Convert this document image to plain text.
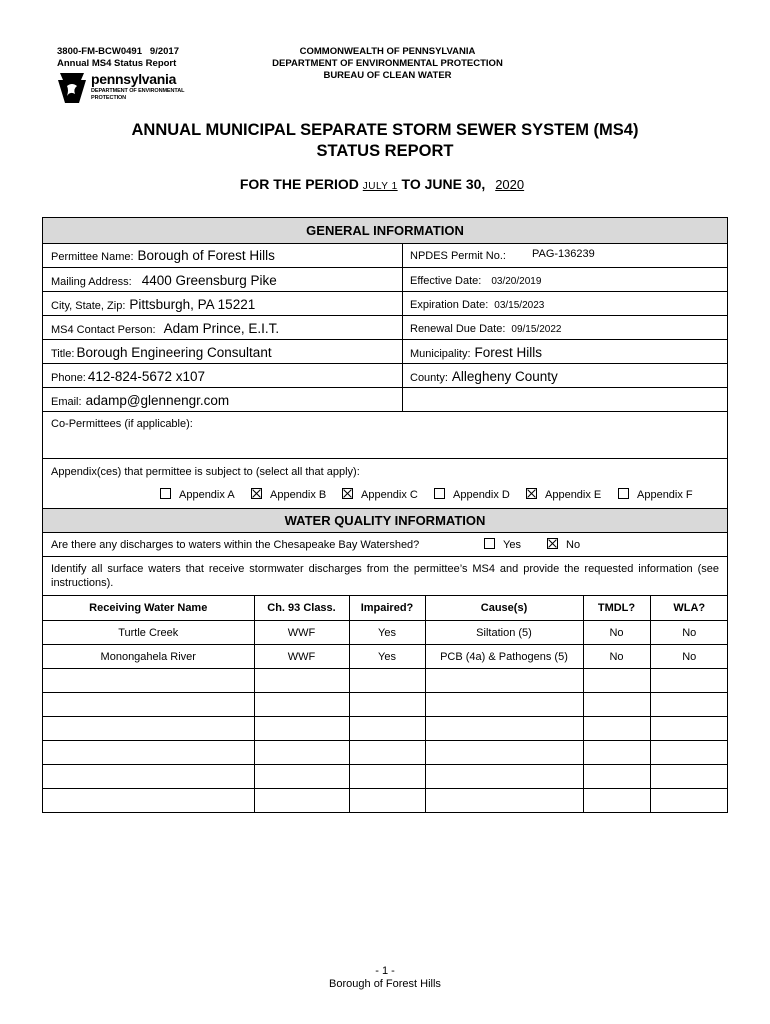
3800-FM-BCW0491 9/2017
Annual MS4 Status Report
COMMONWEALTH OF PENNSYLVANIA
DEPARTMENT OF ENVIRONMENTAL PROTECTION
BUREAU OF CLEAN WATER
pennsylvania
DEPARTMENT OF ENVIRONMENTAL
PROTECTION
ANNUAL MUNICIPAL SEPARATE STORM SEWER SYSTEM (MS4)
STATUS REPORT
FOR THE PERIOD JULY 1 TO JUNE 30, 2020
GENERAL INFORMATION
Permittee Name: Borough of Forest Hills	NPDES Permit No.: PAG-136239
Mailing Address: 4400 Greensburg Pike	Effective Date: 03/20/2019
City, State, Zip: Pittsburgh, PA 15221	Expiration Date: 03/15/2023
MS4 Contact Person: Adam Prince, E.I.T.	Renewal Due Date: 09/15/2022
Title: Borough Engineering Consultant	Municipality: Forest Hills
Phone: 412-824-5672 x107	County: Allegheny County
Email: adamp@glennengr.com
Co-Permittees (if applicable):
Appendix(ces) that permittee is subject to (select all that apply):
Appendix A	Appendix B	Appendix C	Appendix D	Appendix E	Appendix F
WATER QUALITY INFORMATION
Are there any discharges to waters within the Chesapeake Bay Watershed?	Yes	No
Identify all surface waters that receive stormwater discharges from the permittee’s MS4 and provide the requested information (see instructions).
Receiving Water Name	Ch. 93 Class.	Impaired?	Cause(s)	TMDL?	WLA?
Turtle Creek	WWF	Yes	Siltation (5)	No	No
Monongahela River	WWF	Yes	PCB (4a) & Pathogens (5)	No	No

- 1 -
Borough of Forest Hills
